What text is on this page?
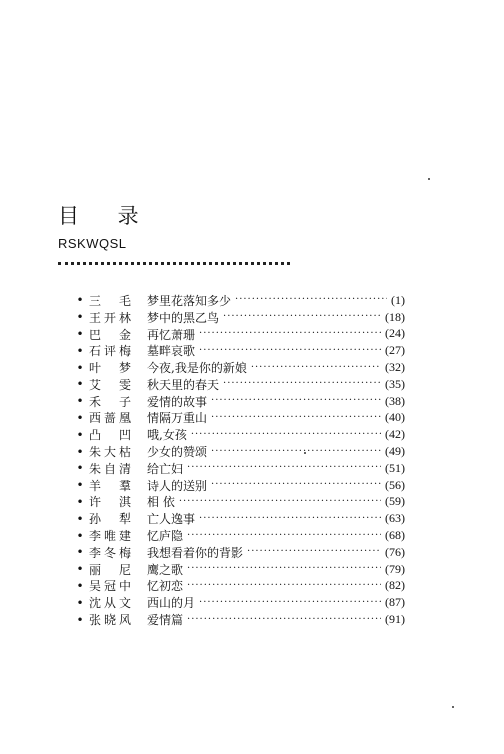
目 录
RSKWQSL
• 三毛	梦里花落知多少 ·····	(1)
• 王开林	梦中的黑乙鸟 ·····	(18)
• 巴金	再忆萧珊 ·····	(24)
• 石评梅	墓畔哀歌 ·····	(27)
• 叶梦	今夜,我是你的新娘 ·····	(32)
• 艾雯	秋天里的春天 ·····	(35)
• 禾子	爱情的故事 ·····	(38)
• 西蔷凰	情隔万重山 ·····	(40)
• 凸凹	哦,女孩 ·····	(42)
• 朱大枯	少女的赞颂 ·····	(49)
• 朱自清	给亡妇 ·····	(51)
• 羊羣	诗人的送别 ·····	(56)
• 许淇	相 依 ·····	(59)
• 孙犁	亡人逸事 ·····	(63)
• 李唯建	忆庐隐 ·····	(68)
• 李冬梅	我想看着你的背影 ·····	(76)
• 丽尼	鹰之歌 ·····	(79)
• 吴冠中	忆初恋 ·····	(82)
• 沈从文	西山的月 ·····	(87)
• 张晓风	爱情篇 ·····	(91)
